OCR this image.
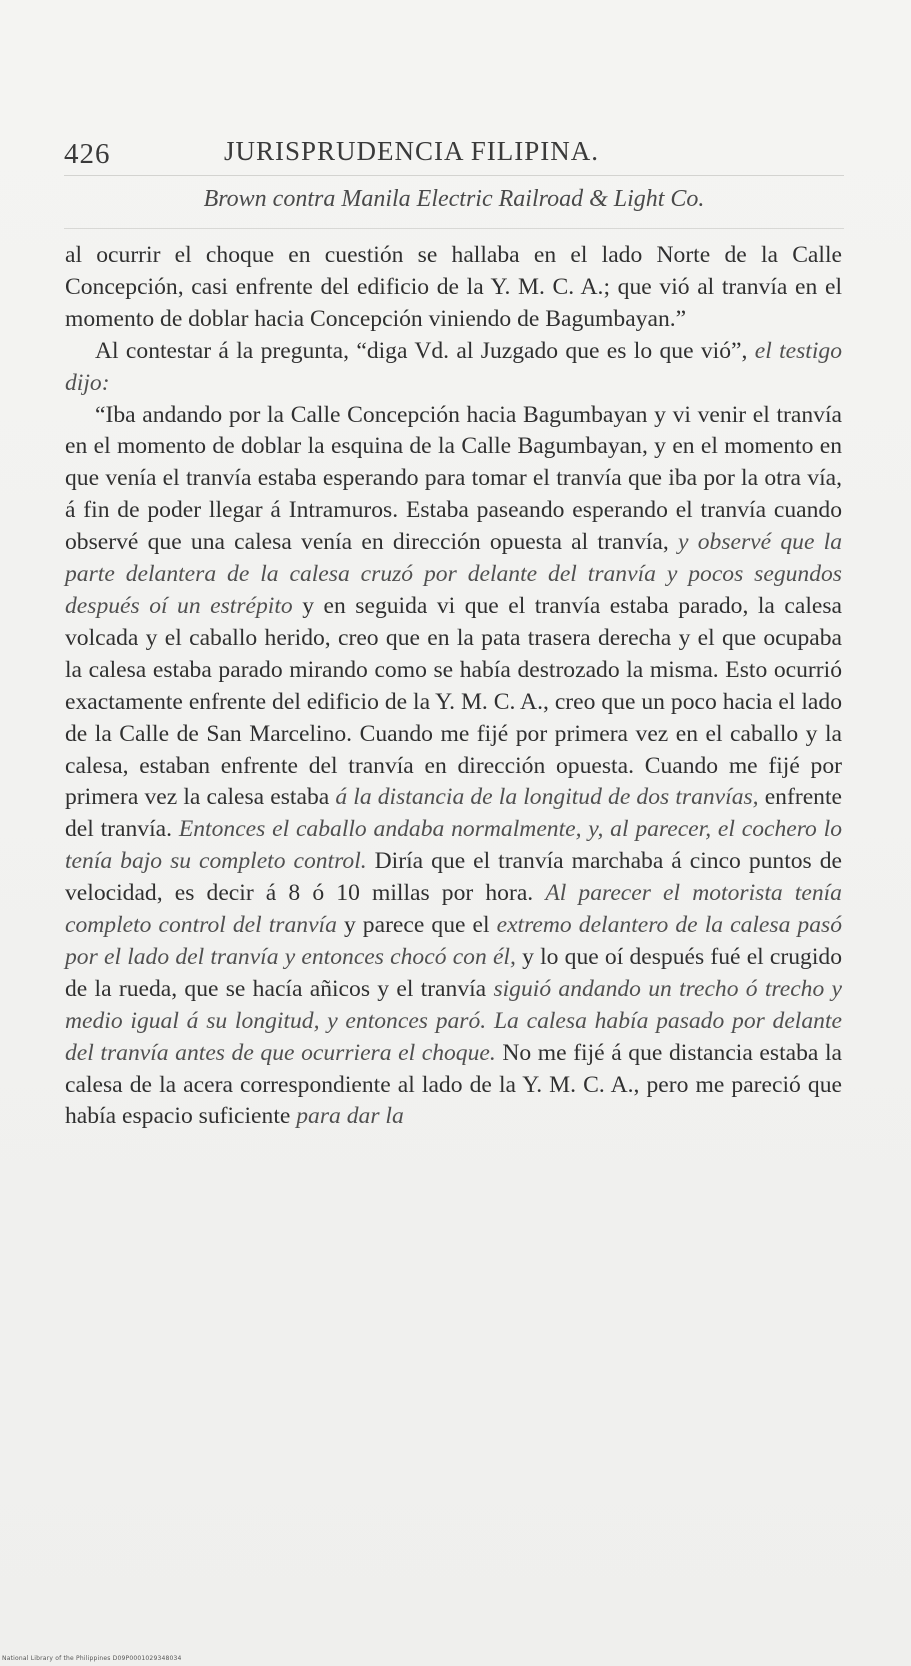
426	JURISPRUDENCIA FILIPINA.
Brown contra Manila Electric Railroad & Light Co.

al ocurrir el choque en cuestión se hallaba en el lado Norte de la Calle Concepción, casi enfrente del edificio de la Y. M. C. A.; que vió al tranvía en el momento de doblar hacia Concepción viniendo de Bagumbayan.”

Al contestar á la pregunta, “diga Vd. al Juzgado que es lo que vió”, el testigo dijo:

“Iba andando por la Calle Concepción hacia Bagumbayan y vi venir el tranvía en el momento de doblar la esquina de la Calle Bagumbayan, y en el momento en que venía el tranvía estaba esperando para tomar el tranvía que iba por la otra vía, á fin de poder llegar á Intramuros. Estaba paseando esperando el tranvía cuando observé que una calesa venía en dirección opuesta al tranvía, y observé que la parte delantera de la calesa cruzó por delante del tranvía y pocos segundos después oí un estrépito y en seguida vi que el tranvía estaba parado, la calesa volcada y el caballo herido, creo que en la pata trasera derecha y el que ocupaba la calesa estaba parado mirando como se había destrozado la misma. Esto ocurrió exactamente enfrente del edificio de la Y. M. C. A., creo que un poco hacia el lado de la Calle de San Marcelino. Cuando me fijé por primera vez en el caballo y la calesa, estaban enfrente del tranvía en dirección opuesta. Cuando me fijé por primera vez la calesa estaba á la distancia de la longitud de dos tranvías, enfrente del tranvía. Entonces el caballo andaba normalmente, y, al parecer, el cochero lo tenía bajo su completo control. Diría que el tranvía marchaba á cinco puntos de velocidad, es decir á 8 ó 10 millas por hora. Al parecer el motorista tenía completo control del tranvía y parece que el extremo delantero de la calesa pasó por el lado del tranvía y entonces chocó con él, y lo que oí después fué el crugido de la rueda, que se hacía añicos y el tranvía siguió andando un trecho ó trecho y medio igual á su longitud, y entonces paró. La calesa había pasado por delante del tranvía antes de que ocurriera el choque. No me fijé á que distancia estaba la calesa de la acera correspondiente al lado de la Y. M. C. A., pero me pareció que había espacio suficiente para dar la

National Library of the Philippines D09P0001029348034
